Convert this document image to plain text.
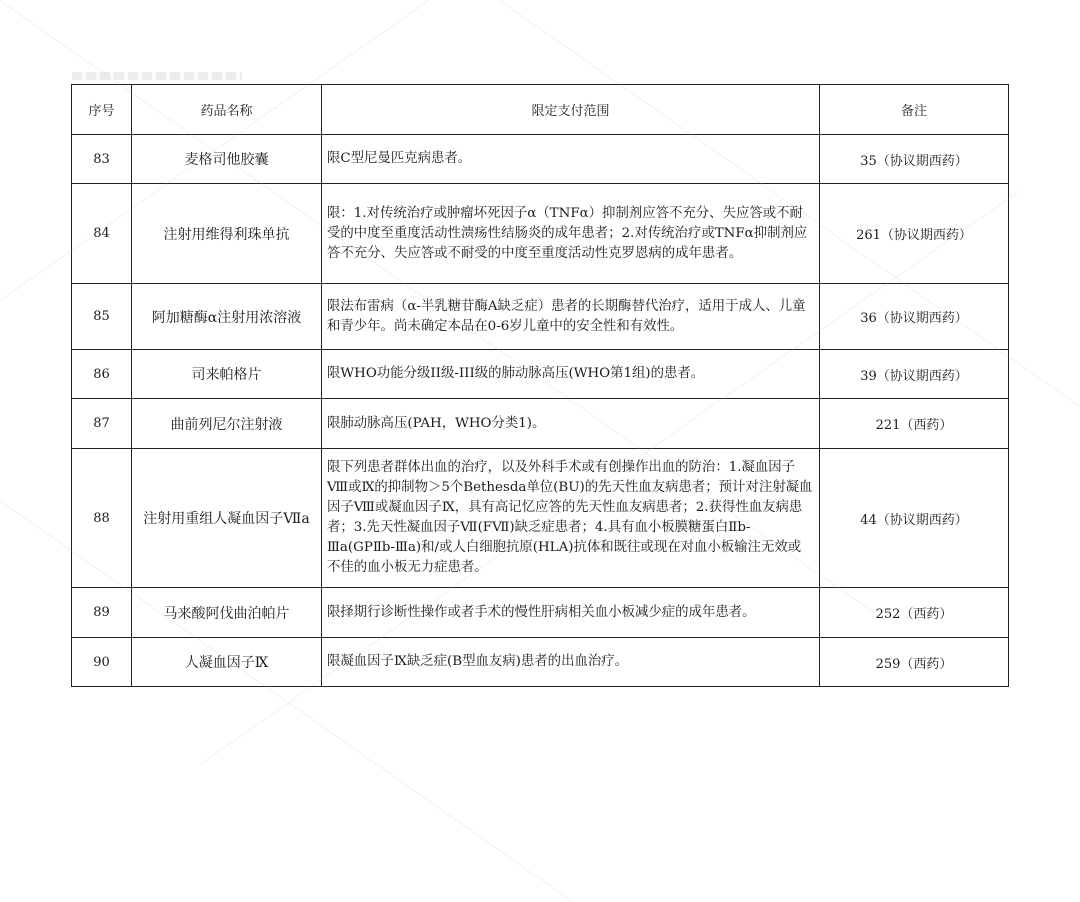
序号	药品名称	限定支付范围	备注
83	麦格司他胶囊	限C型尼曼匹克病患者。	35（协议期西药）
84	注射用维得利珠单抗	限：1.对传统治疗或肿瘤坏死因子α（TNFα）抑制剂应答不充分、失应答或不耐受的中度至重度活动性溃疡性结肠炎的成年患者；2.对传统治疗或TNFα抑制剂应答不充分、失应答或不耐受的中度至重度活动性克罗恩病的成年患者。	261（协议期西药）
85	阿加糖酶α注射用浓溶液	限法布雷病（α-半乳糖苷酶A缺乏症）患者的长期酶替代治疗，适用于成人、儿童和青少年。尚未确定本品在0-6岁儿童中的安全性和有效性。	36（协议期西药）
86	司来帕格片	限WHO功能分级II级-III级的肺动脉高压(WHO第1组)的患者。	39（协议期西药）
87	曲前列尼尔注射液	限肺动脉高压(PAH，WHO分类1)。	221（西药）
88	注射用重组人凝血因子Ⅶa	限下列患者群体出血的治疗，以及外科手术或有创操作出血的防治：1.凝血因子Ⅷ或Ⅸ的抑制物＞5个Bethesda单位(BU)的先天性血友病患者；预计对注射凝血因子Ⅷ或凝血因子Ⅸ，具有高记忆应答的先天性血友病患者；2.获得性血友病患者；3.先天性凝血因子Ⅶ(FⅦ)缺乏症患者；4.具有血小板膜糖蛋白Ⅱb-Ⅲa(GPⅡb-Ⅲa)和/或人白细胞抗原(HLA)抗体和既往或现在对血小板输注无效或不佳的血小板无力症患者。	44（协议期西药）
89	马来酸阿伐曲泊帕片	限择期行诊断性操作或者手术的慢性肝病相关血小板减少症的成年患者。	252（西药）
90	人凝血因子Ⅸ	限凝血因子Ⅸ缺乏症(B型血友病)患者的出血治疗。	259（西药）
